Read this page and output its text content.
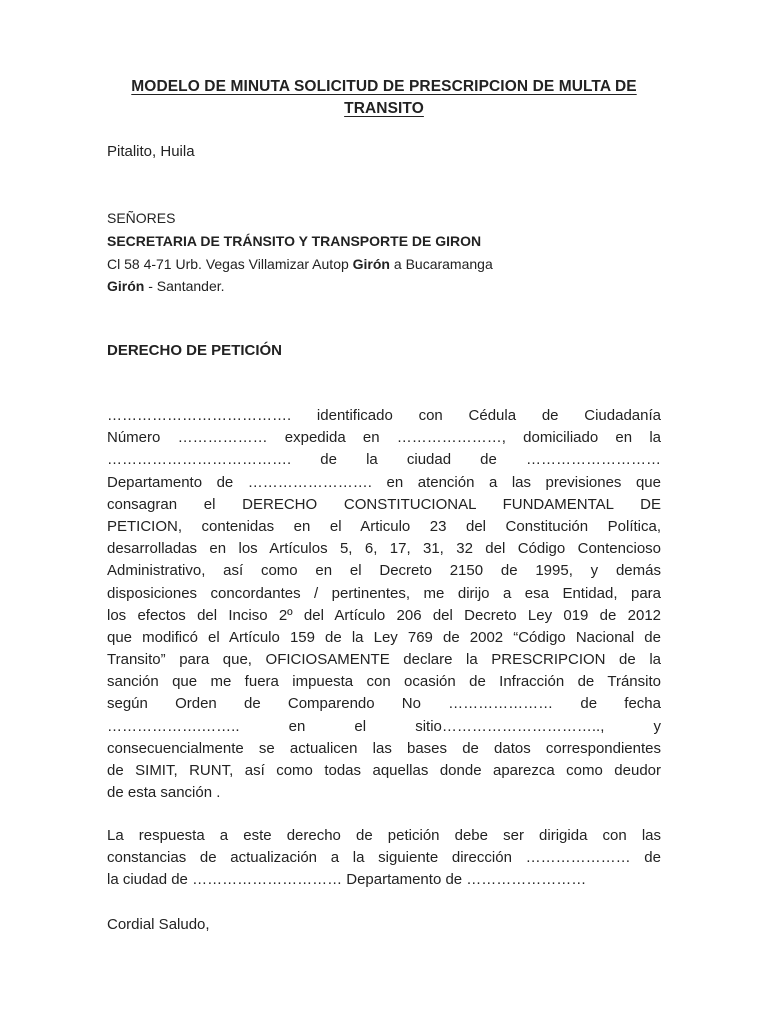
MODELO DE MINUTA SOLICITUD DE PRESCRIPCION DE MULTA DE
TRANSITO
Pitalito, Huila
SEÑORES
SECRETARIA DE TRÁNSITO Y TRANSPORTE DE GIRON
Cl 58 4-71 Urb. Vegas Villamizar Autop Girón a Bucaramanga
Girón - Santander.
DERECHO DE PETICIÓN
………………………………. identificado con Cédula de Ciudadanía
Número ……………… expedida en …………………, domiciliado en la
………………………………. de la ciudad de ………………………
Departamento de ……………………. en atención a las previsiones que
consagran el DERECHO CONSTITUCIONAL FUNDAMENTAL DE
PETICION, contenidas en el Articulo 23 del Constitución Política,
desarrolladas en los Artículos 5, 6, 17, 31, 32 del Código Contencioso
Administrativo, así como en el Decreto 2150 de 1995, y demás
disposiciones concordantes / pertinentes, me dirijo a esa Entidad, para
los efectos del Inciso 2º del Artículo 206 del Decreto Ley 019 de 2012
que modificó el Artículo 159 de la Ley 769 de 2002 “Código Nacional de
Transito” para que, OFICIOSAMENTE declare la PRESCRIPCION de la
sanción que me fuera impuesta con ocasión de Infracción de Tránsito
según Orden de Comparendo No ………………… de fecha
……………….…….. en el sitio………………………….., y
consecuencialmente se actualicen las bases de datos correspondientes
de SIMIT, RUNT, así como todas aquellas donde aparezca como deudor
de esta sanción .
La respuesta a este derecho de petición debe ser dirigida con las
constancias de actualización a la siguiente dirección ………………… de
la ciudad de ………………………… Departamento de ……………………
Cordial Saludo,
